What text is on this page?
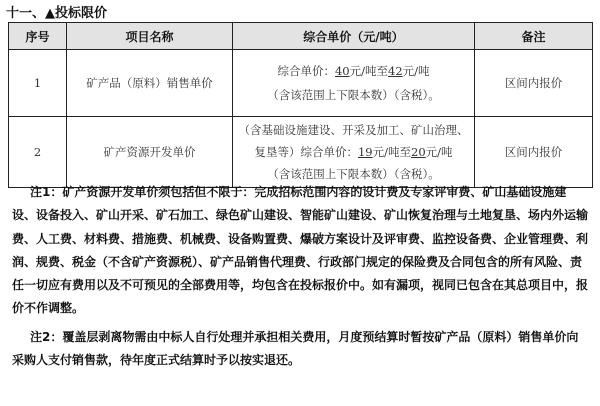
十一、▲投标限价
序号	项目名称	综合单价（元/吨）	备注
1	矿产品（原料）销售单价	综合单价：40元/吨至42元/吨
（含该范围上下限本数）（含税）。	区间内报价
2	矿产资源开发单价	（含基础设施建设、开采及加工、矿山治理、
复垦等）综合单价：19元/吨至20元/吨
（含该范围上下限本数）（含税）。	区间内报价

注1：矿产资源开发单价须包括但不限于：完成招标范围内容的设计费及专家评审费、矿山基础设施建设、设备投入、矿山开采、矿石加工、绿色矿山建设、智能矿山建设、矿山恢复治理与土地复垦、场内外运输费、人工费、材料费、措施费、机械费、设备购置费、爆破方案设计及评审费、监控设备费、企业管理费、利润、规费、税金（不含矿产资源税）、矿产品销售代理费、行政部门规定的保险费及合同包含的所有风险、责任一切应有费用以及不可预见的全部费用等，均包含在投标报价中。如有漏项，视同已包含在其总项目中，报价不作调整。

注2：覆盖层剥离物需由中标人自行处理并承担相关费用，月度预结算时暂按矿产品（原料）销售单价向采购人支付销售款，待年度正式结算时予以按实退还。
